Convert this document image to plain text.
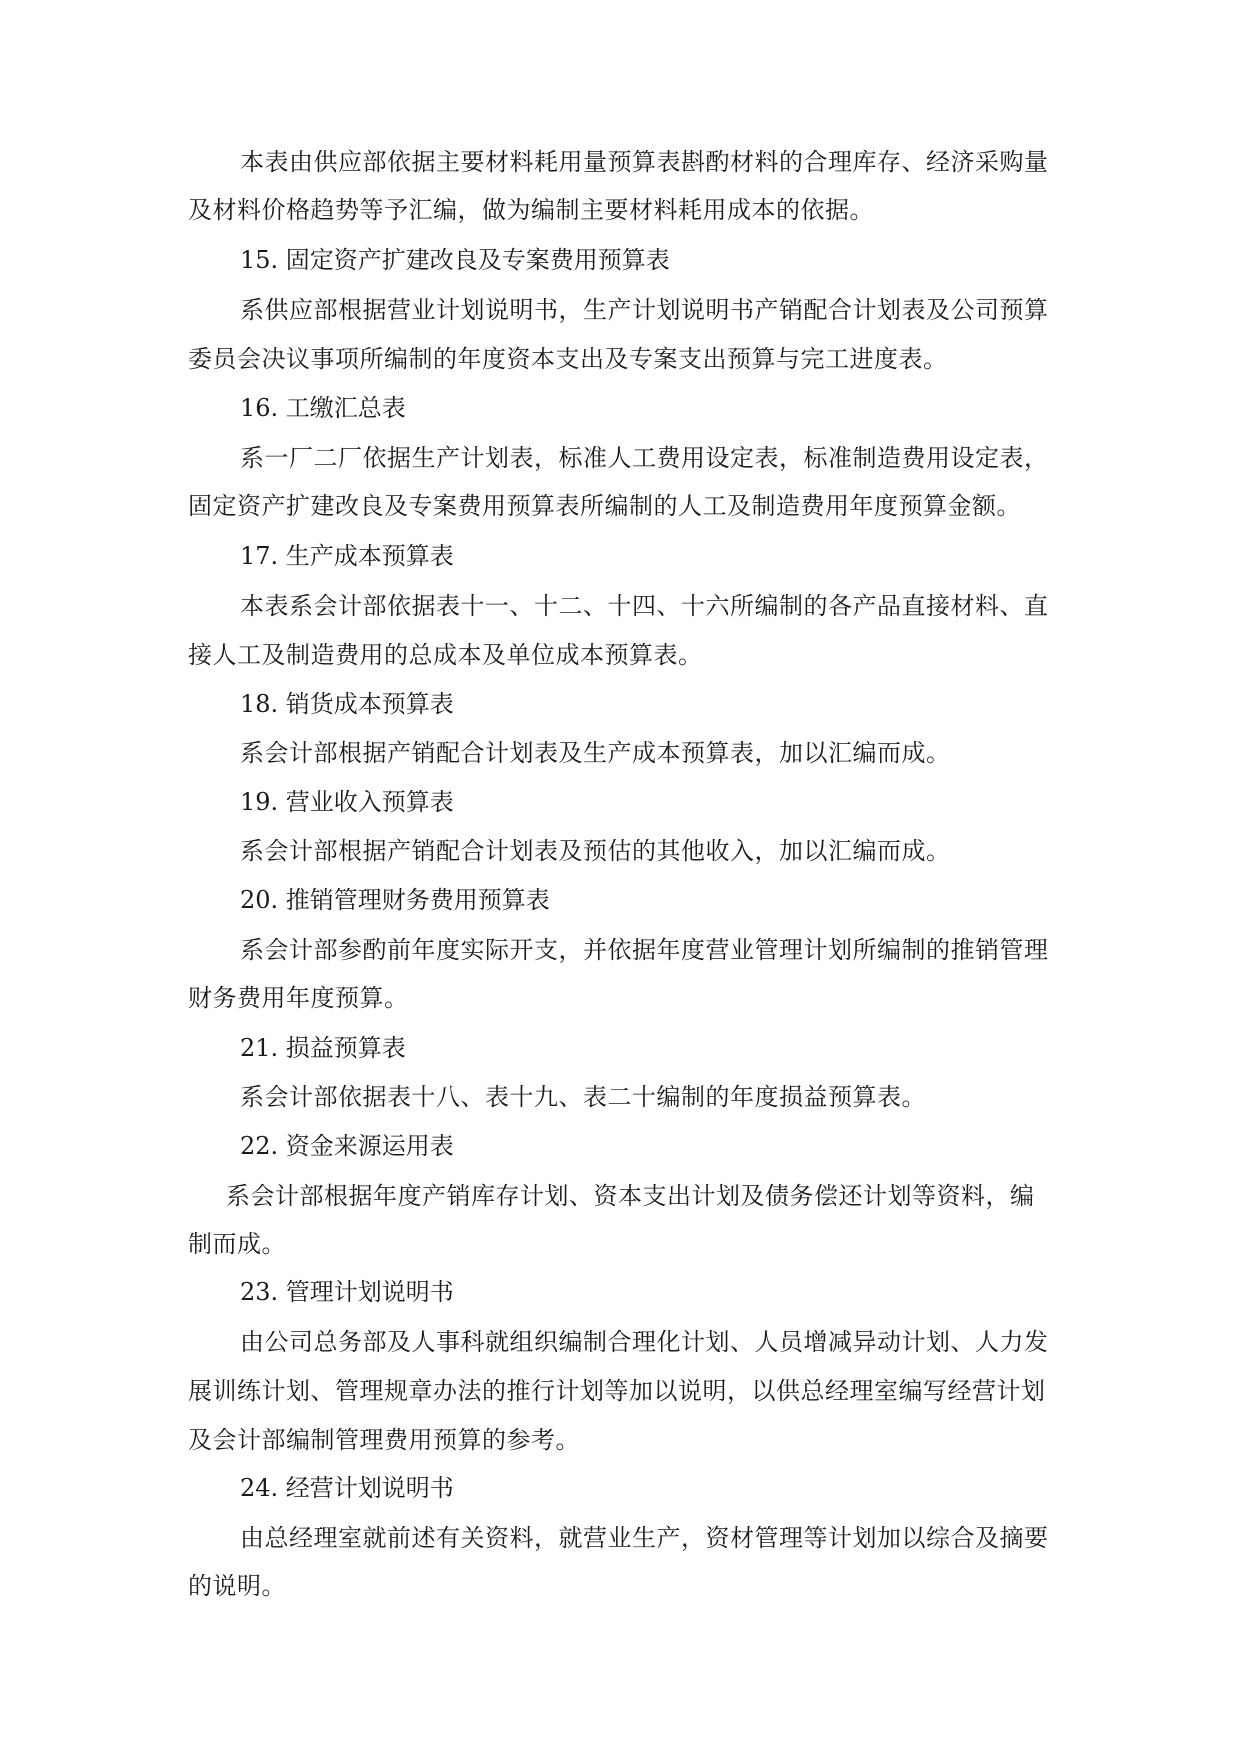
本表由供应部依据主要材料耗用量预算表斟酌材料的合理库存、经济采购量

及材料价格趋势等予汇编，做为编制主要材料耗用成本的依据。

15. 固定资产扩建改良及专案费用预算表

系供应部根据营业计划说明书，生产计划说明书产销配合计划表及公司预算

委员会决议事项所编制的年度资本支出及专案支出预算与完工进度表。

16. 工缴汇总表

系一厂二厂依据生产计划表，标准人工费用设定表，标准制造费用设定表，

固定资产扩建改良及专案费用预算表所编制的人工及制造费用年度预算金额。

17. 生产成本预算表

本表系会计部依据表十一、十二、十四、十六所编制的各产品直接材料、直

接人工及制造费用的总成本及单位成本预算表。

18. 销货成本预算表

系会计部根据产销配合计划表及生产成本预算表，加以汇编而成。

19. 营业收入预算表

系会计部根据产销配合计划表及预估的其他收入，加以汇编而成。

20. 推销管理财务费用预算表

系会计部参酌前年度实际开支，并依据年度营业管理计划所编制的推销管理

财务费用年度预算。

21. 损益预算表

系会计部依据表十八、表十九、表二十编制的年度损益预算表。

22. 资金来源运用表

系会计部根据年度产销库存计划、资本支出计划及债务偿还计划等资料，编

制而成。

23. 管理计划说明书

由公司总务部及人事科就组织编制合理化计划、人员增减异动计划、人力发

展训练计划、管理规章办法的推行计划等加以说明，以供总经理室编写经营计划

及会计部编制管理费用预算的参考。

24. 经营计划说明书

由总经理室就前述有关资料，就营业生产，资材管理等计划加以综合及摘要

的说明。
